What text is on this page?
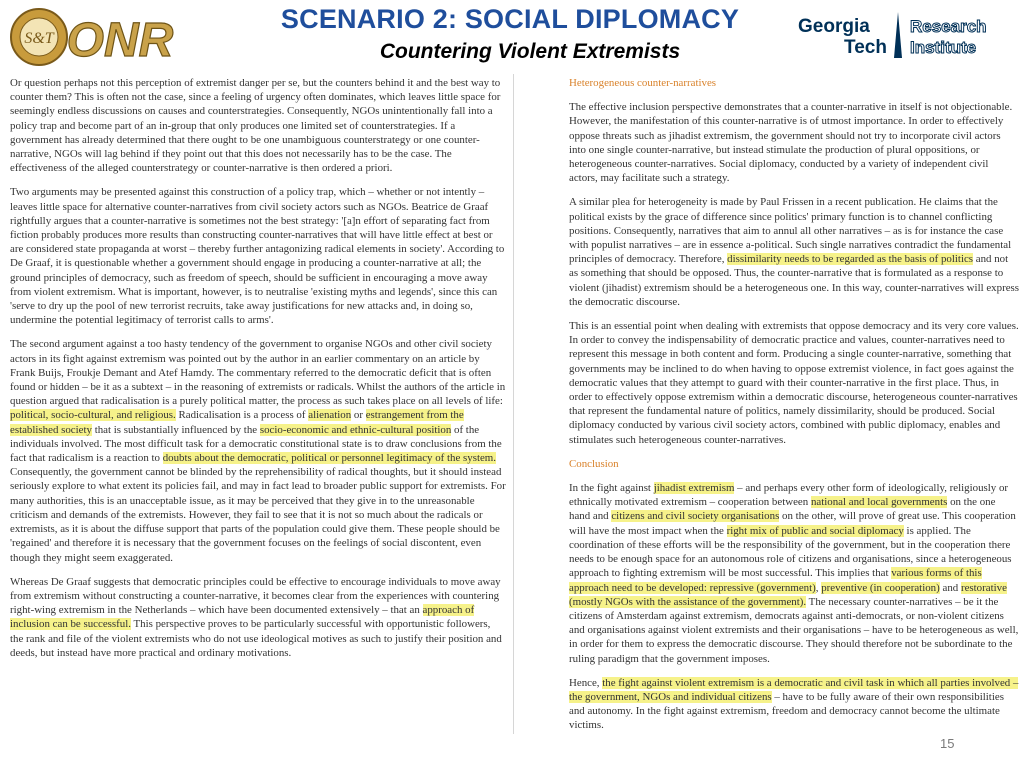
S&T ONR	SCENARIO 2: SOCIAL DIPLOMACY
Countering Violent Extremists
Georgia
Tech
Research
Institute

Or question perhaps not this perception of extremist danger per se, but the counters behind it and the best way to counter them? This is often not the case, since a feeling of urgency often dominates, which leaves little space for seemingly endless discussions on causes and counterstrategies. Consequently, NGOs unintentionally fall into a policy trap and become part of an in-group that only produces one limited set of counterstrategies. If a government has already determined that there ought to be one unambiguous counterstrategy or one counter-narrative, NGOs will lag behind if they point out that this does not necessarily has to be the case. The effectiveness of the alleged counterstrategy or counter-narrative is then ordered a priori.

Two arguments may be presented against this construction of a policy trap, which – whether or not intently – leaves little space for alternative counter-narratives from civil society actors such as NGOs. Beatrice de Graaf rightfully argues that a counter-narrative is sometimes not the best strategy: '[a]n effort of separating fact from fiction probably produces more results than constructing counter-narratives that will have little effect at best or are considered state propaganda at worst – thereby further antagonizing radical elements in society'. According to De Graaf, it is questionable whether a government should engage in producing a counter-narrative at all; the ground principles of democracy, such as freedom of speech, should be sufficient in encouraging a move away from violent extremism. What is important, however, is to neutralise 'existing myths and legends', since this can 'serve to dry up the pool of new terrorist recruits, take away justifications for new attacks and, in doing so, undermine the potential legitimacy of terrorist calls to arms'.

The second argument against a too hasty tendency of the government to organise NGOs and other civil society actors in its fight against extremism was pointed out by the author in an earlier commentary on an article by Frank Buijs, Froukje Demant and Atef Hamdy. The commentary referred to the democratic deficit that is often found or hidden – be it as a subtext – in the reasoning of extremists or radicals. Whilst the authors of the article in question argued that radicalisation is a purely political matter, the process as such takes place on all levels of life: political, socio-cultural, and religious. Radicalisation is a process of alienation or estrangement from the established society that is substantially influenced by the socio-economic and ethnic-cultural position of the individuals involved. The most difficult task for a democratic constitutional state is to draw conclusions from the fact that radicalism is a reaction to doubts about the democratic, political or personnel legitimacy of the system. Consequently, the government cannot be blinded by the reprehensibility of radical thoughts, but it should instead seriously explore to what extent its policies fail, and may in fact lead to broader public support for extremists. For many authorities, this is an unacceptable issue, as it may be perceived that they give in to the unreasonable criticism and demands of the extremists. However, they fail to see that it is not so much about the radicals or extremists, as it is about the diffuse support that parts of the population could give them. These people should be 'regained' and therefore it is necessary that the government focuses on the feelings of social discontent, even though they might seem exaggerated.

Whereas De Graaf suggests that democratic principles could be effective to encourage individuals to move away from extremism without constructing a counter-narrative, it becomes clear from the experiences with countering right-wing extremism in the Netherlands – which have been documented extensively – that an approach of inclusion can be successful. This perspective proves to be particularly successful with opportunistic followers, the rank and file of the violent extremists who do not use ideological motives as such to justify their position and deeds, but instead have more practical and ordinary motivations.

Heterogeneous counter-narratives

The effective inclusion perspective demonstrates that a counter-narrative in itself is not objectionable. However, the manifestation of this counter-narrative is of utmost importance. In order to effectively oppose threats such as jihadist extremism, the government should not try to incorporate civil actors into one single counter-narrative, but instead stimulate the production of plural oppositions, or heterogeneous counter-narratives. Social diplomacy, conducted by a variety of independent civil actors, may facilitate such a strategy.

A similar plea for heterogeneity is made by Paul Frissen in a recent publication. He claims that the political exists by the grace of difference since politics' primary function is to channel conflicting positions. Consequently, narratives that aim to annul all other narratives – as is for instance the case with populist narratives – are in essence a-political. Such single narratives contradict the fundamental principles of democracy. Therefore, dissimilarity needs to be regarded as the basis of politics and not as something that should be opposed. Thus, the counter-narrative that is formulated as a response to violent (jihadist) extremism should be a heterogeneous one. In this way, counter-narratives will express the democratic discourse.

This is an essential point when dealing with extremists that oppose democracy and its very core values. In order to convey the indispensability of democratic practice and values, counter-narratives need to represent this message in both content and form. Producing a single counter-narrative, something that governments may be inclined to do when having to oppose extremist violence, in fact goes against the democratic values that they attempt to guard with their counter-narrative in the first place. Thus, in order to effectively oppose extremism within a democratic discourse, heterogeneous counter-narratives that represent the fundamental nature of politics, namely dissimilarity, should be produced. Social diplomacy conducted by various civil society actors, combined with public diplomacy, enables and stimulates such heterogeneous counter-narratives.

Conclusion

In the fight against jihadist extremism – and perhaps every other form of ideologically, religiously or ethnically motivated extremism – cooperation between national and local governments on the one hand and citizens and civil society organisations on the other, will prove of great use. This cooperation will have the most impact when the right mix of public and social diplomacy is applied. The coordination of these efforts will be the responsibility of the government, but in the cooperation there needs to be enough space for an autonomous role of citizens and organisations, since a heterogeneous approach to fighting extremism will be most successful. This implies that various forms of this approach need to be developed: repressive (government), preventive (in cooperation) and restorative (mostly NGOs with the assistance of the government). The necessary counter-narratives – be it the citizens of Amsterdam against extremism, democrats against anti-democrats, or non-violent citizens and organisations against violent extremists and their organisations – have to be heterogeneous as well, in order for them to express the democratic discourse. They should therefore not be subordinate to the ruling paradigm that the government imposes.

Hence, the fight against violent extremism is a democratic and civil task in which all parties involved – the government, NGOs and individual citizens – have to be fully aware of their own responsibilities and autonomy. In the fight against extremism, freedom and democracy cannot become the ultimate victims.

15
